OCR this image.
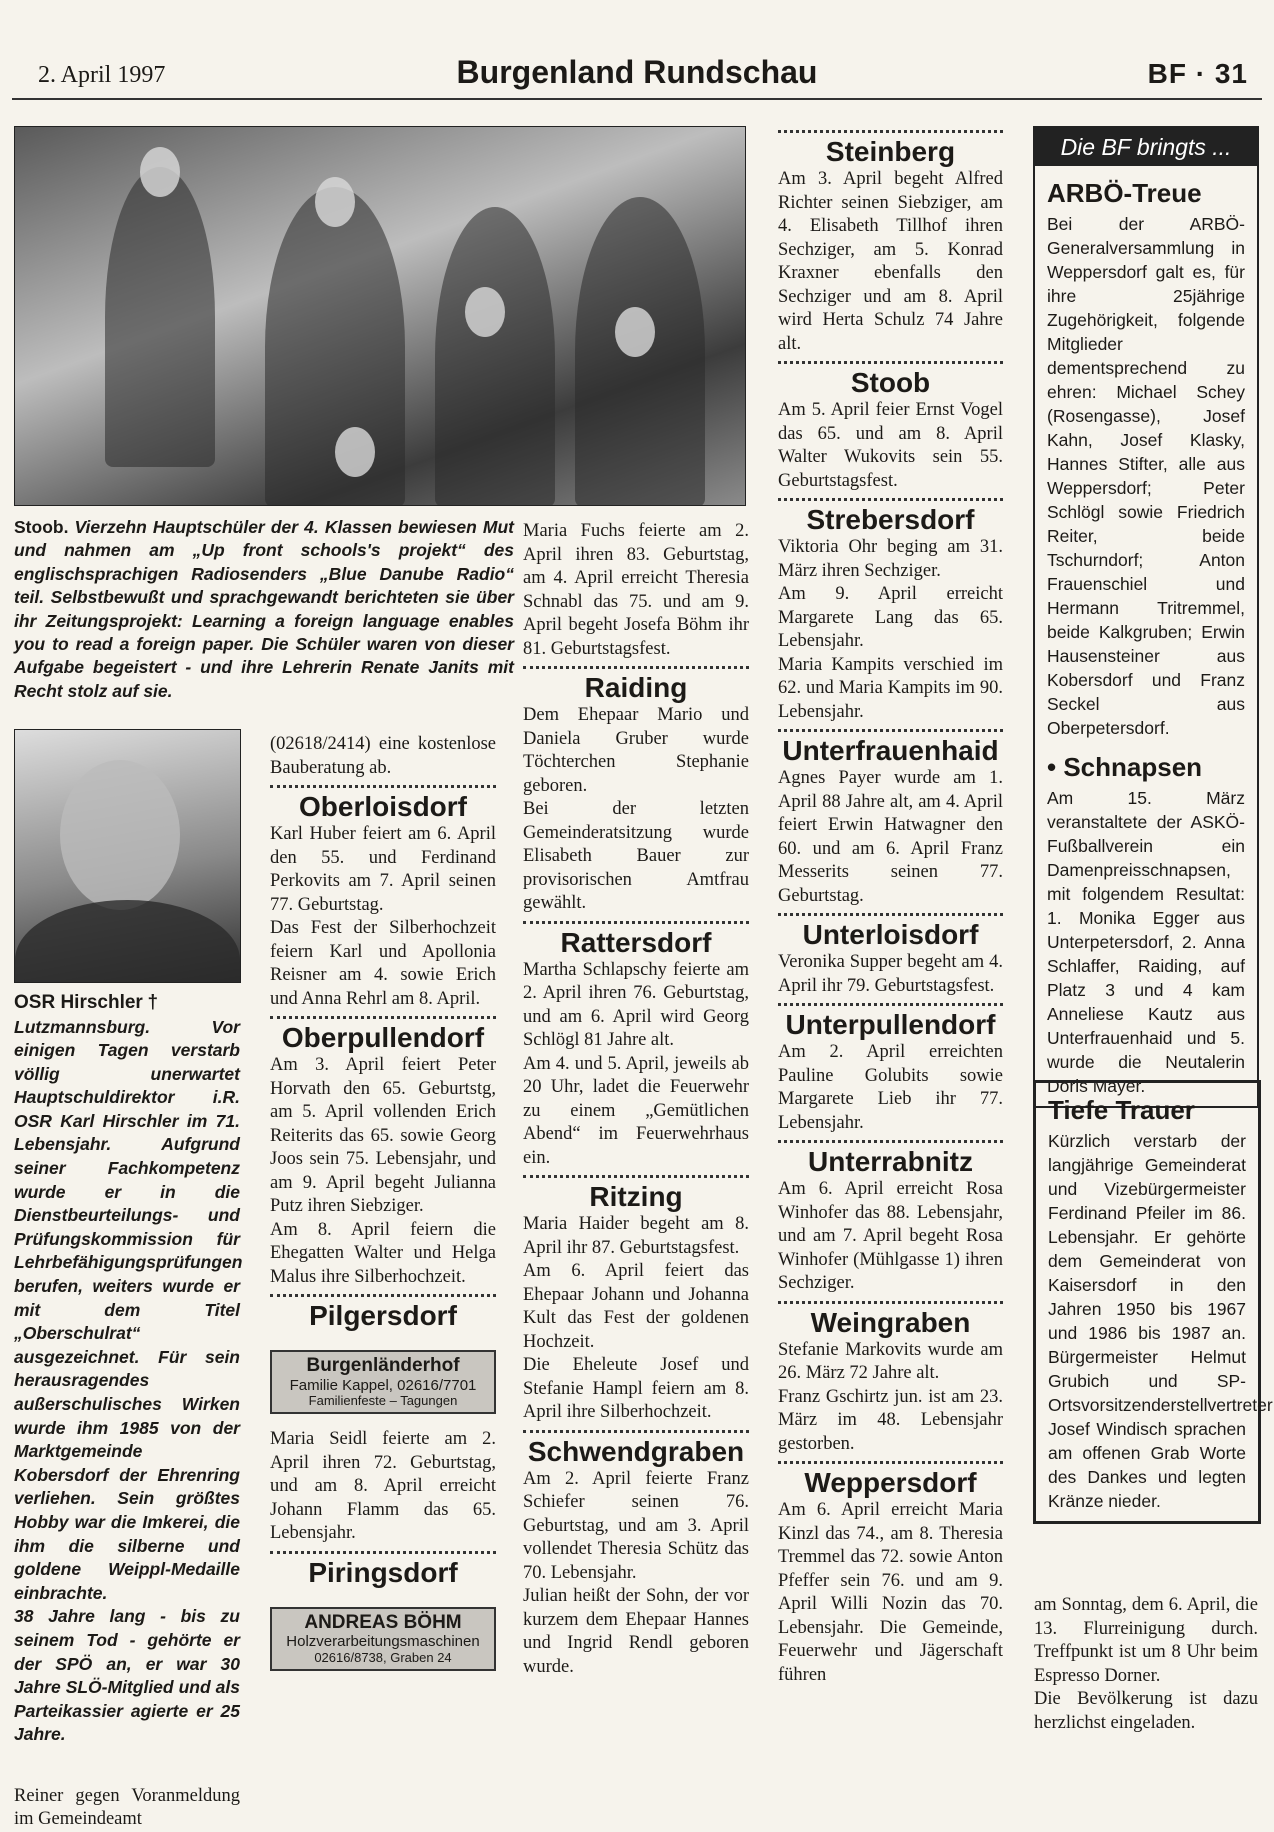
2. April 1997	Burgenland Rundschau	BF · 31
Stoob. Vierzehn Hauptschüler der 4. Klassen bewiesen Mut und nahmen am „Up front schools's projekt“ des englischsprachigen Radiosenders „Blue Danube Radio“ teil. Selbstbewußt und sprachgewandt berichteten sie über ihr Zeitungsprojekt: Learning a foreign language enables you to read a foreign paper. Die Schüler waren von dieser Aufgabe begeistert - und ihre Lehrerin Renate Janits mit Recht stolz auf sie.
OSR Hirschler †

Lutzmannsburg. Vor einigen Tagen verstarb völlig unerwartet Hauptschuldirektor i.R. OSR Karl Hirschler im 71. Lebensjahr. Aufgrund seiner Fachkompetenz wurde er in die Dienstbeurteilungs- und Prüfungskommission für Lehrbefähigungsprüfungen berufen, weiters wurde er mit dem Titel „Oberschulrat“ ausgezeichnet. Für sein herausragendes außerschulisches Wirken wurde ihm 1985 von der Marktgemeinde Kobersdorf der Ehrenring verliehen. Sein größtes Hobby war die Imkerei, die ihm die silberne und goldene Weippl-Medaille einbrachte.

38 Jahre lang - bis zu seinem Tod - gehörte er der SPÖ an, er war 30 Jahre SLÖ-Mitglied und als Parteikassier agierte er 25 Jahre.

Reiner gegen Voranmeldung im Gemeindeamt

(02618/2414) eine kostenlose Bauberatung ab.

Oberloisdorf

Karl Huber feiert am 6. April den 55. und Ferdinand Perkovits am 7. April seinen 77. Geburtstag.

Das Fest der Silberhochzeit feiern Karl und Apollonia Reisner am 4. sowie Erich und Anna Rehrl am 8. April.

Oberpullendorf

Am 3. April feiert Peter Horvath den 65. Geburtstg, am 5. April vollenden Erich Reiterits das 65. sowie Georg Joos sein 75. Lebensjahr, und am 9. April begeht Julianna Putz ihren Siebziger.

Am 8. April feiern die Ehegatten Walter und Helga Malus ihre Silberhochzeit.

Pilgersdorf
Burgenländerhof
Familie Kappel, 02616/7701
Familienfeste – Tagungen

Maria Seidl feierte am 2. April ihren 72. Geburtstag, und am 8. April erreicht Johann Flamm das 65. Lebensjahr.

Piringsdorf
ANDREAS BÖHM
Holzverarbeitungsmaschinen
02616/8738, Graben 24

Maria Fuchs feierte am 2. April ihren 83. Geburtstag, am 4. April erreicht Theresia Schnabl das 75. und am 9. April begeht Josefa Böhm ihr 81. Geburtstagsfest.

Raiding

Dem Ehepaar Mario und Daniela Gruber wurde Töchterchen Stephanie geboren.

Bei der letzten Gemeinderatsitzung wurde Elisabeth Bauer zur provisorischen Amtfrau gewählt.

Rattersdorf

Martha Schlapschy feierte am 2. April ihren 76. Geburtstag, und am 6. April wird Georg Schlögl 81 Jahre alt.

Am 4. und 5. April, jeweils ab 20 Uhr, ladet die Feuerwehr zu einem „Gemütlichen Abend“ im Feuerwehrhaus ein.

Ritzing

Maria Haider begeht am 8. April ihr 87. Geburtstagsfest.

Am 6. April feiert das Ehepaar Johann und Johanna Kult das Fest der goldenen Hochzeit.

Die Eheleute Josef und Stefanie Hampl feiern am 8. April ihre Silberhochzeit.

Schwendgraben

Am 2. April feierte Franz Schiefer seinen 76. Geburtstag, und am 3. April vollendet Theresia Schütz das 70. Lebensjahr.

Julian heißt der Sohn, der vor kurzem dem Ehepaar Hannes und Ingrid Rendl geboren wurde.

Steinberg

Am 3. April begeht Alfred Richter seinen Siebziger, am 4. Elisabeth Tillhof ihren Sechziger, am 5. Konrad Kraxner ebenfalls den Sechziger und am 8. April wird Herta Schulz 74 Jahre alt.

Stoob

Am 5. April feier Ernst Vogel das 65. und am 8. April Walter Wukovits sein 55. Geburtstagsfest.

Strebersdorf

Viktoria Ohr beging am 31. März ihren Sechziger.

Am 9. April erreicht Margarete Lang das 65. Lebensjahr.

Maria Kampits verschied im 62. und Maria Kampits im 90. Lebensjahr.

Unterfrauenhaid

Agnes Payer wurde am 1. April 88 Jahre alt, am 4. April feiert Erwin Hatwagner den 60. und am 6. April Franz Messerits seinen 77. Geburtstag.

Unterloisdorf

Veronika Supper begeht am 4. April ihr 79. Geburtstagsfest.

Unterpullendorf

Am 2. April erreichten Pauline Golubits sowie Margarete Lieb ihr 77. Lebensjahr.

Unterrabnitz

Am 6. April erreicht Rosa Winhofer das 88. Lebensjahr, und am 7. April begeht Rosa Winhofer (Mühlgasse 1) ihren Sechziger.

Weingraben

Stefanie Markovits wurde am 26. März 72 Jahre alt.

Franz Gschirtz jun. ist am 23. März im 48. Lebensjahr gestorben.

Weppersdorf

Am 6. April erreicht Maria Kinzl das 74., am 8. Theresia Tremmel das 72. sowie Anton Pfeffer sein 76. und am 9. April Willi Nozin das 70. Lebensjahr. Die Gemeinde, Feuerwehr und Jägerschaft führen

Die BF bringts ...
ARBÖ-Treue

Bei der ARBÖ-Generalversammlung in Weppersdorf galt es, für ihre 25jährige Zugehörigkeit, folgende Mitglieder dementsprechend zu ehren: Michael Schey (Rosengasse), Josef Kahn, Josef Klasky, Hannes Stifter, alle aus Weppersdorf; Peter Schlögl sowie Friedrich Reiter, beide Tschurndorf; Anton Frauenschiel und Hermann Tritremmel, beide Kalkgruben; Erwin Hausensteiner aus Kobersdorf und Franz Seckel aus Oberpetersdorf.

• Schnapsen

Am 15. März veranstaltete der ASKÖ-Fußballverein ein Damenpreisschnapsen, mit folgendem Resultat: 1. Monika Egger aus Unterpetersdorf, 2. Anna Schlaffer, Raiding, auf Platz 3 und 4 kam Anneliese Kautz aus Unterfrauenhaid und 5. wurde die Neutalerin Doris Mayer.

Tiefe Trauer

Kürzlich verstarb der langjährige Gemeinderat und Vizebürgermeister Ferdinand Pfeiler im 86. Lebensjahr. Er gehörte dem Gemeinderat von Kaisersdorf in den Jahren 1950 bis 1967 und 1986 bis 1987 an. Bürgermeister Helmut Grubich und SP-Ortsvorsitzenderstellvertreter Josef Windisch sprachen am offenen Grab Worte des Dankes und legten Kränze nieder.

am Sonntag, dem 6. April, die 13. Flurreinigung durch. Treffpunkt ist um 8 Uhr beim Espresso Dorner.

Die Bevölkerung ist dazu herzlichst eingeladen.
